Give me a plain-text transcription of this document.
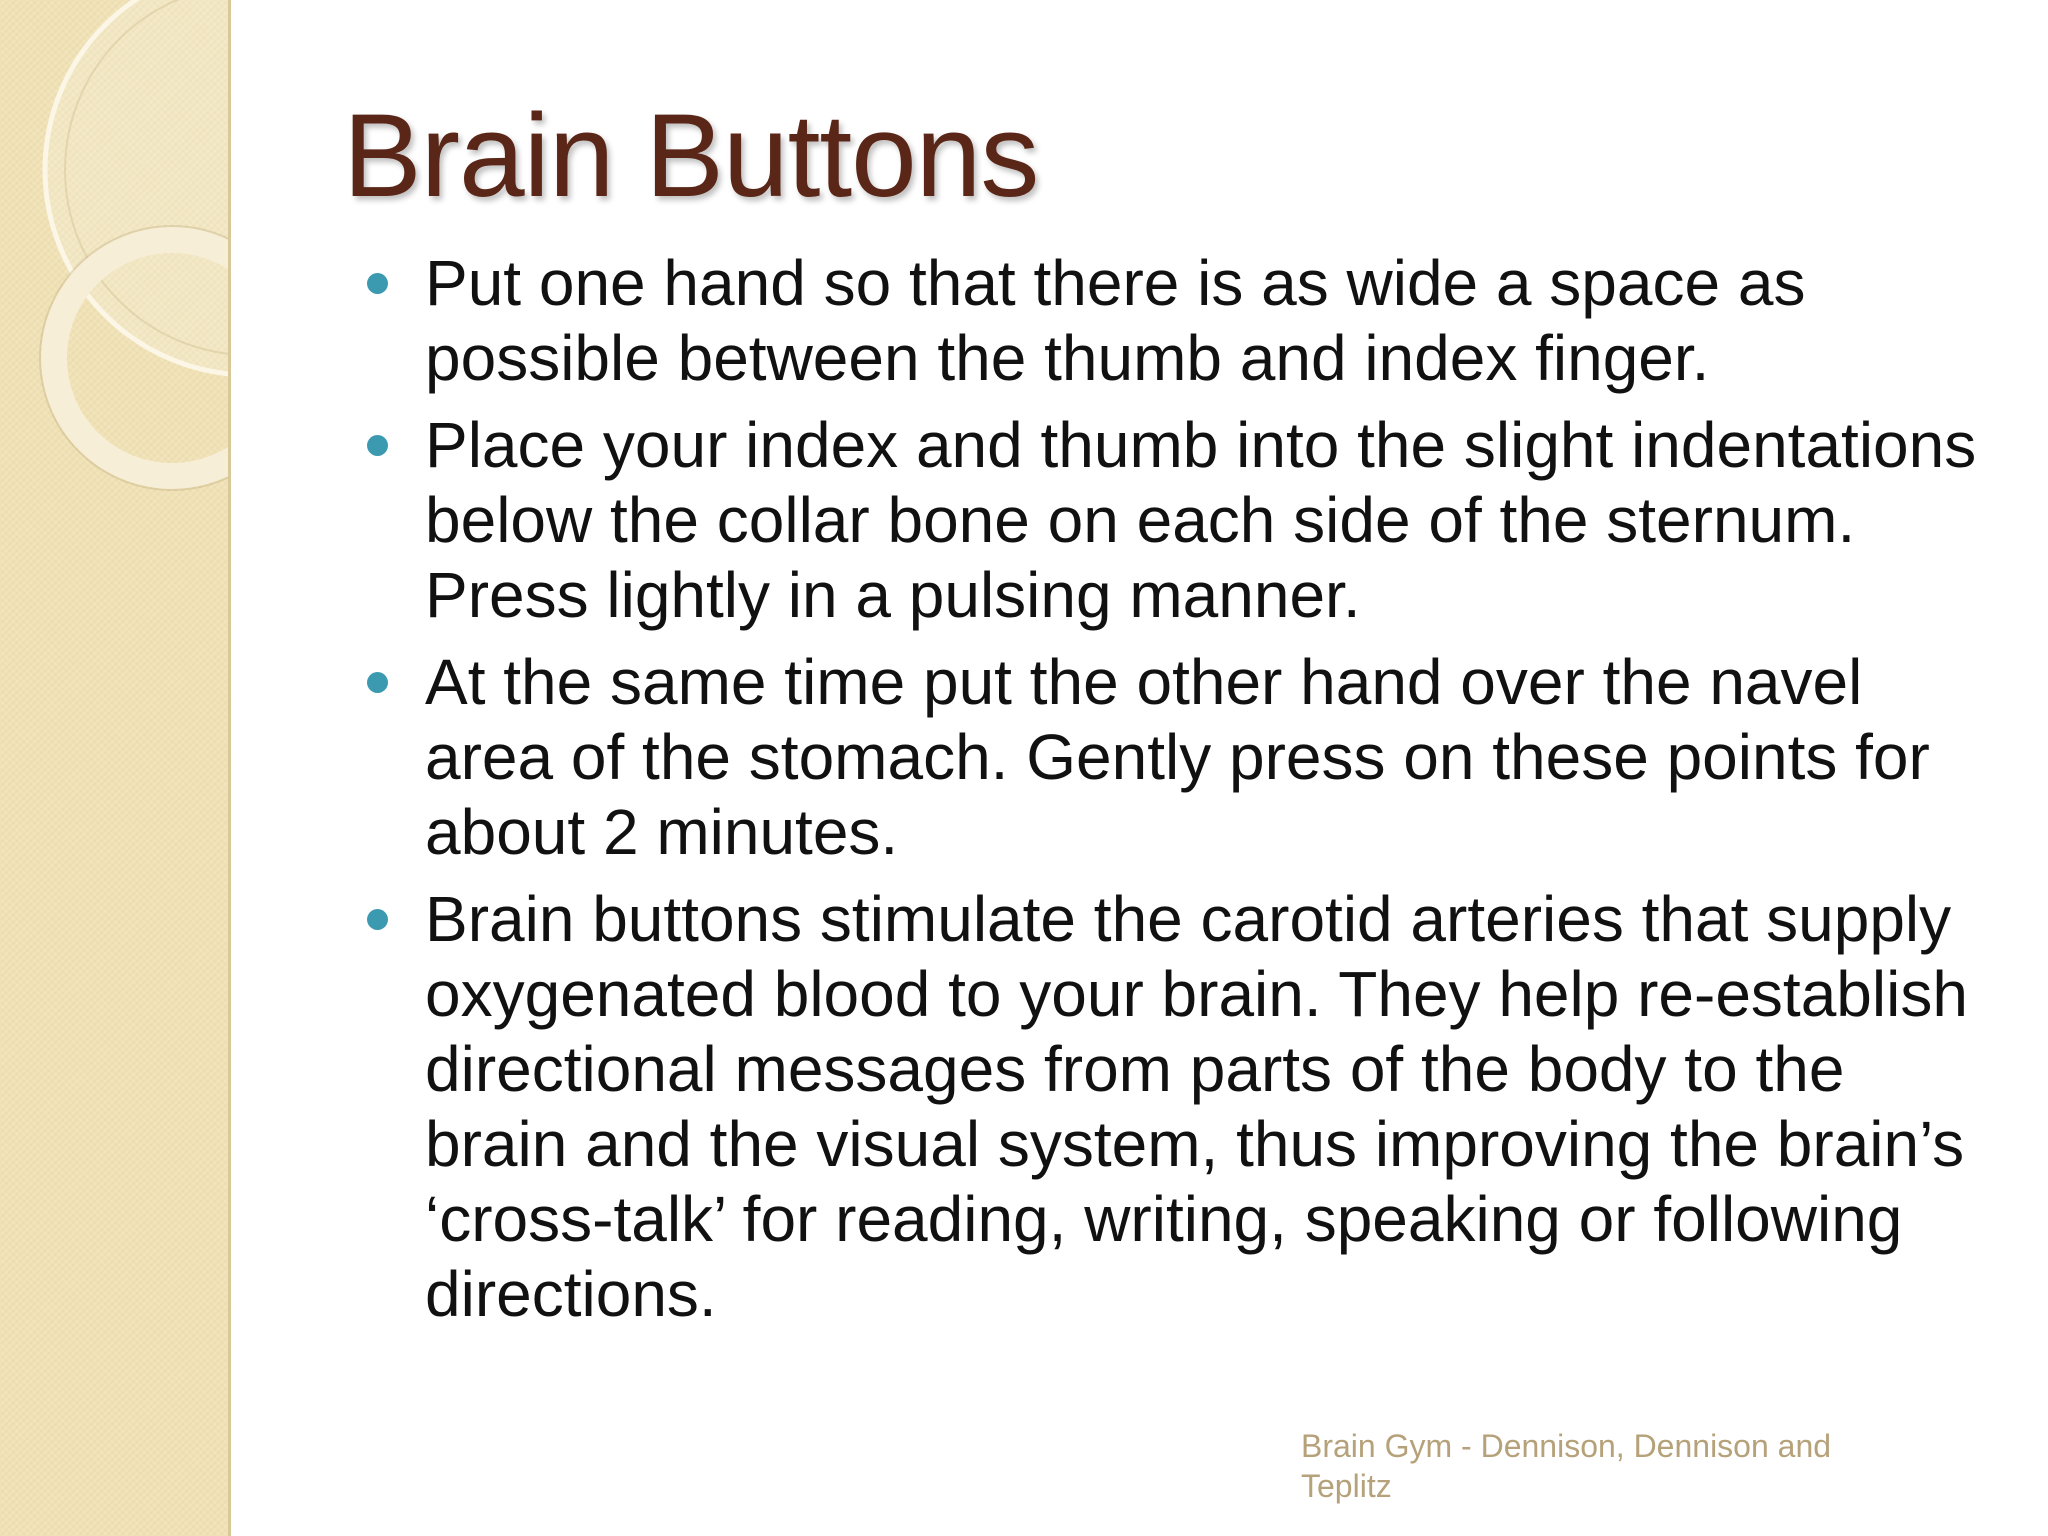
Brain Buttons
Put one hand so that there is as wide a space as possible between the thumb and index finger.
Place your index and thumb into the slight indentations below the collar bone on each side of the sternum. Press lightly in a pulsing manner.
At the same time put the other hand over the navel area of the stomach. Gently press on these points for about 2 minutes.
Brain buttons stimulate the carotid arteries that supply oxygenated blood to your brain. They help re-establish directional messages from parts of the body to the brain and the visual system, thus improving the brain’s ‘cross-talk’ for reading, writing, speaking or following directions.
Brain Gym - Dennison, Dennison and Teplitz
